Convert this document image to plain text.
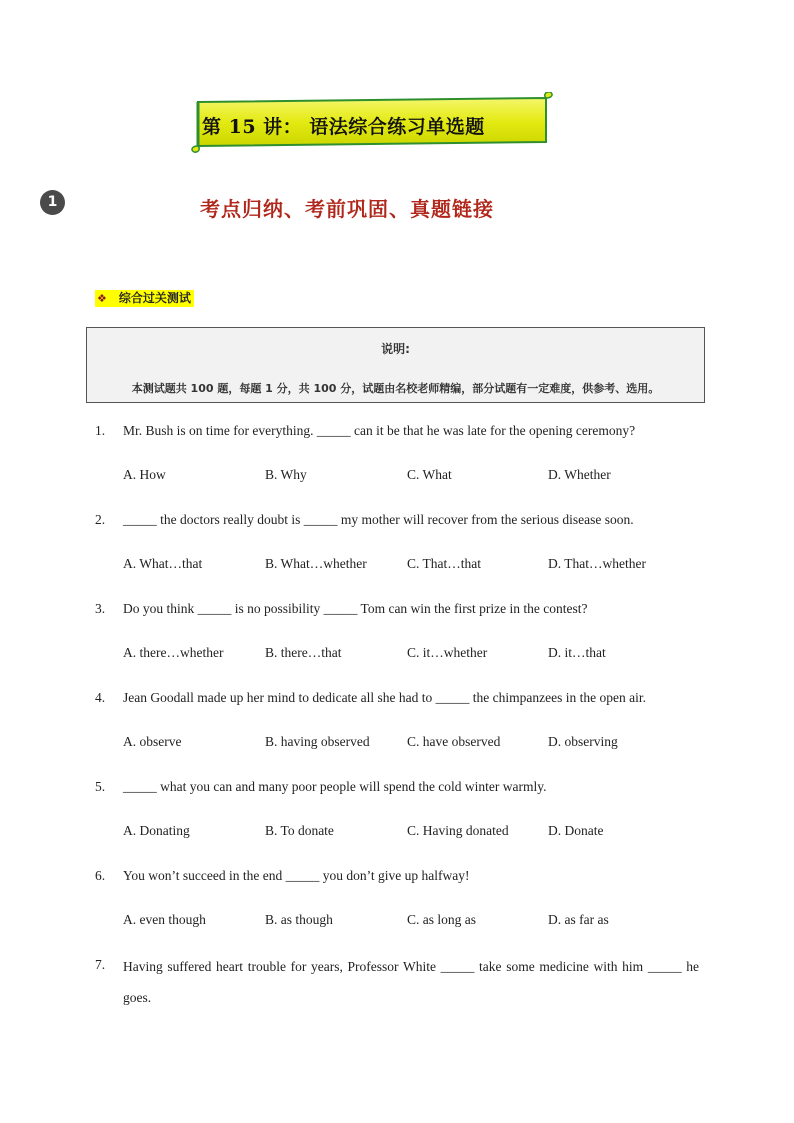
第 15 讲： 语法综合练习单选题
1	考点归纳、考前巩固、真题链接
❖ 综合过关测试
说明:
本测试题共 100 题，每题 1 分，共 100 分，试题由名校老师精编，部分试题有一定难度，供参考、选用。
1. Mr. Bush is on time for everything. _____ can it be that he was late for the opening ceremony?
A. How	B. Why	C. What	D. Whether
2. _____ the doctors really doubt is _____ my mother will recover from the serious disease soon.
A. What…that	B. What…whether	C. That…that	D. That…whether
3. Do you think _____ is no possibility _____ Tom can win the first prize in the contest?
A. there…whether	B. there…that	C. it…whether	D. it…that
4. Jean Goodall made up her mind to dedicate all she had to _____ the chimpanzees in the open air.
A. observe	B. having observed	C. have observed	D. observing
5. _____ what you can and many poor people will spend the cold winter warmly.
A. Donating	B. To donate	C. Having donated	D. Donate
6. You won’t succeed in the end _____ you don’t give up halfway!
A. even though	B. as though	C. as long as	D. as far as
7. Having suffered heart trouble for years, Professor White _____ take some medicine with him _____ he goes.
